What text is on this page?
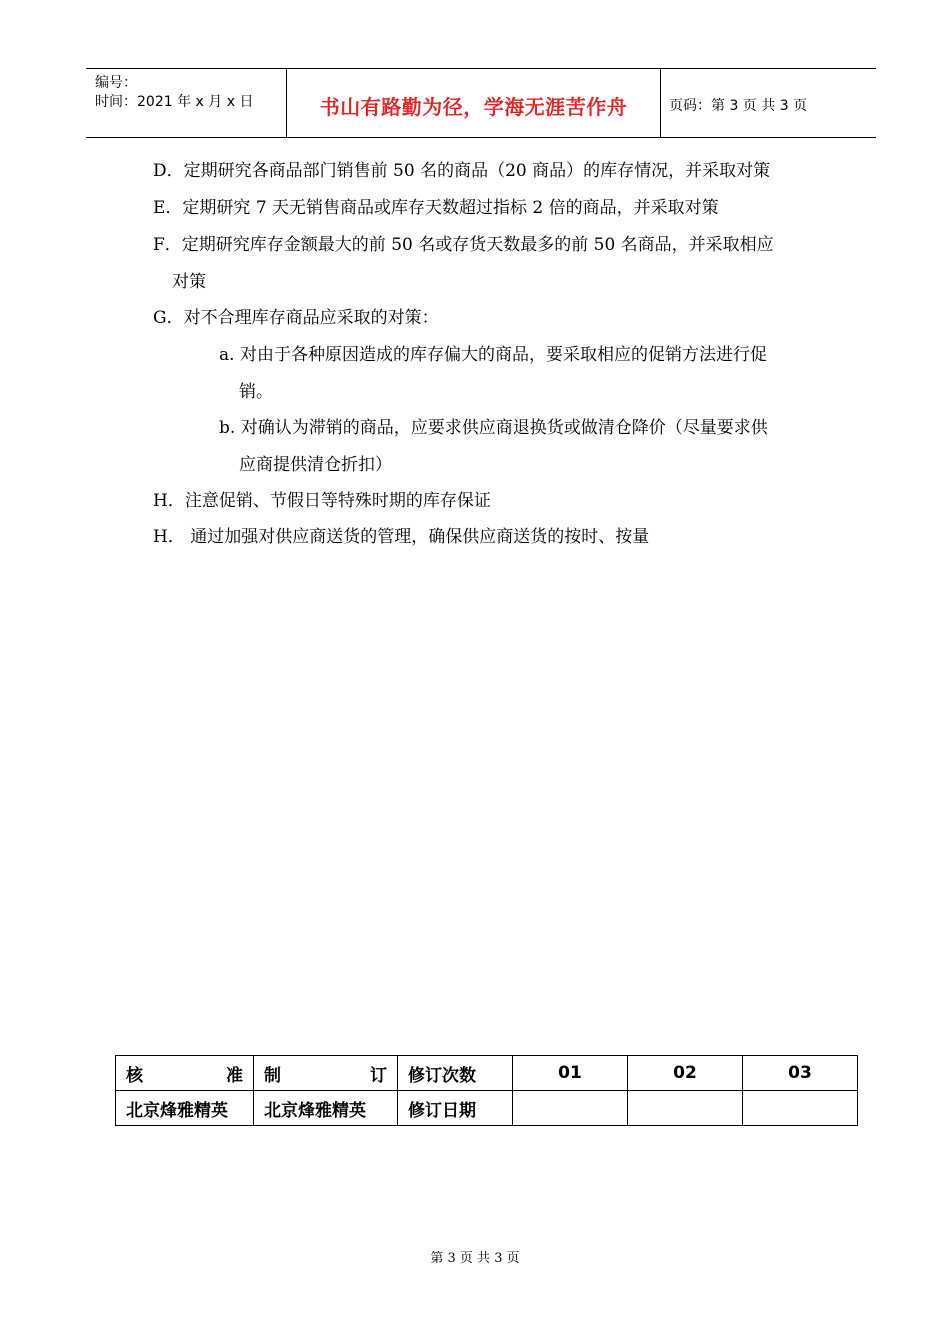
编号：
时间：2021 年 x 月 x 日	书山有路勤为径，学海无涯苦作舟	页码：第 3 页 共 3 页
D．定期研究各商品部门销售前 50 名的商品（20 商品）的库存情况，并采取对策
E．定期研究 7 天无销售商品或库存天数超过指标 2 倍的商品，并采取对策
F．定期研究库存金额最大的前 50 名或存货天数最多的前 50 名商品，并采取相应
对策
G．对不合理库存商品应采取的对策：
a. 对由于各种原因造成的库存偏大的商品，要采取相应的促销方法进行促
销。
b. 对确认为滞销的商品，应要求供应商退换货或做清仓降价（尽量要求供
应商提供清仓折扣）
H．注意促销、节假日等特殊时期的库存保证
H． 通过加强对供应商送货的管理，确保供应商送货的按时、按量
核 准	制 订	修订次数	01	02	03
北京烽雅精英	北京烽雅精英	修订日期			
第 3 页 共 3 页
